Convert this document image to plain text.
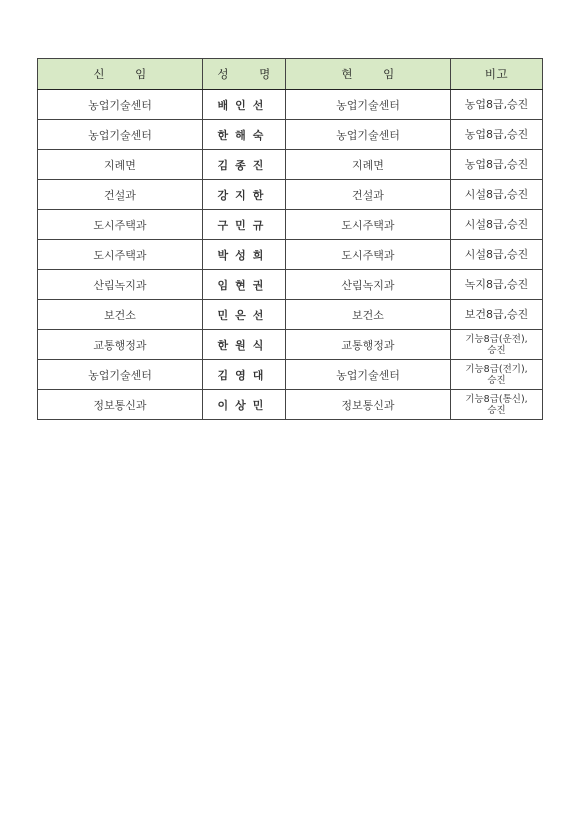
신 임	성 명	현 임	비고
농업기술센터	배인선	농업기술센터	농업8급,승진
농업기술센터	한해숙	농업기술센터	농업8급,승진
지례면	김종진	지례면	농업8급,승진
건설과	강지한	건설과	시설8급,승진
도시주택과	구민규	도시주택과	시설8급,승진
도시주택과	박성희	도시주택과	시설8급,승진
산림녹지과	임현권	산림녹지과	녹지8급,승진
보건소	민은선	보건소	보건8급,승진
교통행정과	한원식	교통행정과	기능8급(운전),
승진
농업기술센터	김영대	농업기술센터	기능8급(전기),
승진
정보통신과	이상민	정보통신과	기능8급(통신),
승진
